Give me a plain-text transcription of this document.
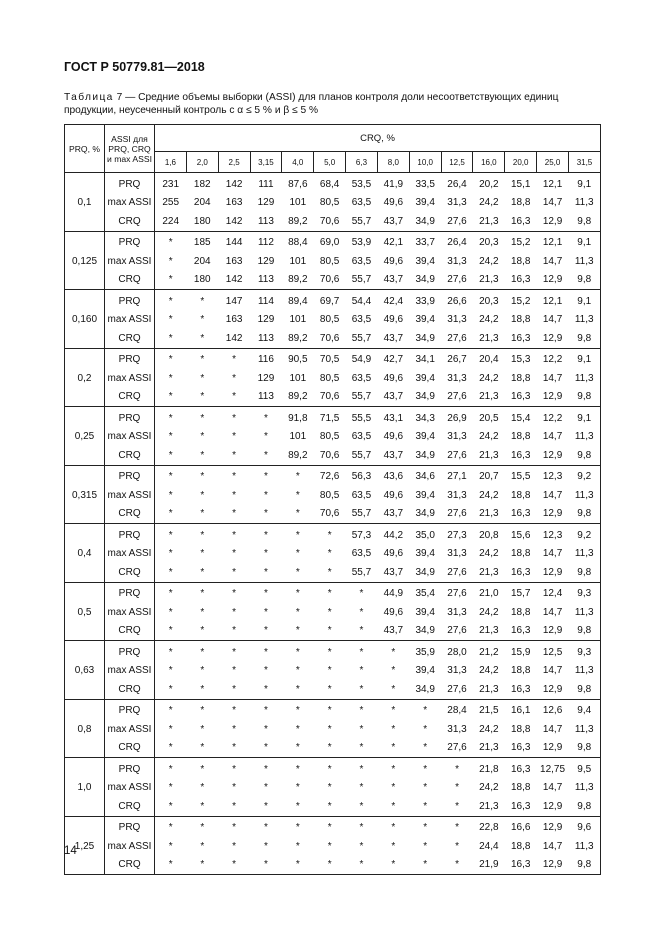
ГОСТ Р 50779.81—2018
Таблица 7 — Средние объемы выборки (ASSI) для планов контроля доли несоответствующих единиц продукции, неусеченный контроль с α ≤ 5 % и β ≤ 5 %
PRQ, %	ASSI для PRQ, CRQ и max ASSI	CRQ, %													
		1,6	2,0	2,5	3,15	4,0	5,0	6,3	8,0	10,0	12,5	16,0	20,0	25,0	31,5
0,1	PRQ	231	182	142	111	87,6	68,4	53,5	41,9	33,5	26,4	20,2	15,1	12,1	9,1
	max ASSI	255	204	163	129	101	80,5	63,5	49,6	39,4	31,3	24,2	18,8	14,7	11,3
	CRQ	224	180	142	113	89,2	70,6	55,7	43,7	34,9	27,6	21,3	16,3	12,9	9,8
0,125	PRQ	*	185	144	112	88,4	69,0	53,9	42,1	33,7	26,4	20,3	15,2	12,1	9,1
	max ASSI	*	204	163	129	101	80,5	63,5	49,6	39,4	31,3	24,2	18,8	14,7	11,3
	CRQ	*	180	142	113	89,2	70,6	55,7	43,7	34,9	27,6	21,3	16,3	12,9	9,8
0,160	PRQ	*	*	147	114	89,4	69,7	54,4	42,4	33,9	26,6	20,3	15,2	12,1	9,1
	max ASSI	*	*	163	129	101	80,5	63,5	49,6	39,4	31,3	24,2	18,8	14,7	11,3
	CRQ	*	*	142	113	89,2	70,6	55,7	43,7	34,9	27,6	21,3	16,3	12,9	9,8
0,2	PRQ	*	*	*	116	90,5	70,5	54,9	42,7	34,1	26,7	20,4	15,3	12,2	9,1
	max ASSI	*	*	*	129	101	80,5	63,5	49,6	39,4	31,3	24,2	18,8	14,7	11,3
	CRQ	*	*	*	113	89,2	70,6	55,7	43,7	34,9	27,6	21,3	16,3	12,9	9,8
0,25	PRQ	*	*	*	*	91,8	71,5	55,5	43,1	34,3	26,9	20,5	15,4	12,2	9,1
	max ASSI	*	*	*	*	101	80,5	63,5	49,6	39,4	31,3	24,2	18,8	14,7	11,3
	CRQ	*	*	*	*	89,2	70,6	55,7	43,7	34,9	27,6	21,3	16,3	12,9	9,8
0,315	PRQ	*	*	*	*	*	72,6	56,3	43,6	34,6	27,1	20,7	15,5	12,3	9,2
	max ASSI	*	*	*	*	*	80,5	63,5	49,6	39,4	31,3	24,2	18,8	14,7	11,3
	CRQ	*	*	*	*	*	70,6	55,7	43,7	34,9	27,6	21,3	16,3	12,9	9,8
0,4	PRQ	*	*	*	*	*	*	57,3	44,2	35,0	27,3	20,8	15,6	12,3	9,2
	max ASSI	*	*	*	*	*	*	63,5	49,6	39,4	31,3	24,2	18,8	14,7	11,3
	CRQ	*	*	*	*	*	*	55,7	43,7	34,9	27,6	21,3	16,3	12,9	9,8
0,5	PRQ	*	*	*	*	*	*	*	44,9	35,4	27,6	21,0	15,7	12,4	9,3
	max ASSI	*	*	*	*	*	*	*	49,6	39,4	31,3	24,2	18,8	14,7	11,3
	CRQ	*	*	*	*	*	*	*	43,7	34,9	27,6	21,3	16,3	12,9	9,8
0,63	PRQ	*	*	*	*	*	*	*	*	35,9	28,0	21,2	15,9	12,5	9,3
	max ASSI	*	*	*	*	*	*	*	*	39,4	31,3	24,2	18,8	14,7	11,3
	CRQ	*	*	*	*	*	*	*	*	34,9	27,6	21,3	16,3	12,9	9,8
0,8	PRQ	*	*	*	*	*	*	*	*	*	28,4	21,5	16,1	12,6	9,4
	max ASSI	*	*	*	*	*	*	*	*	*	31,3	24,2	18,8	14,7	11,3
	CRQ	*	*	*	*	*	*	*	*	*	27,6	21,3	16,3	12,9	9,8
1,0	PRQ	*	*	*	*	*	*	*	*	*	*	21,8	16,3	12,75	9,5
	max ASSI	*	*	*	*	*	*	*	*	*	*	24,2	18,8	14,7	11,3
	CRQ	*	*	*	*	*	*	*	*	*	*	21,3	16,3	12,9	9,8
1,25	PRQ	*	*	*	*	*	*	*	*	*	*	22,8	16,6	12,9	9,6
	max ASSI	*	*	*	*	*	*	*	*	*	*	24,4	18,8	14,7	11,3
	CRQ	*	*	*	*	*	*	*	*	*	*	21,9	16,3	12,9	9,8
14
